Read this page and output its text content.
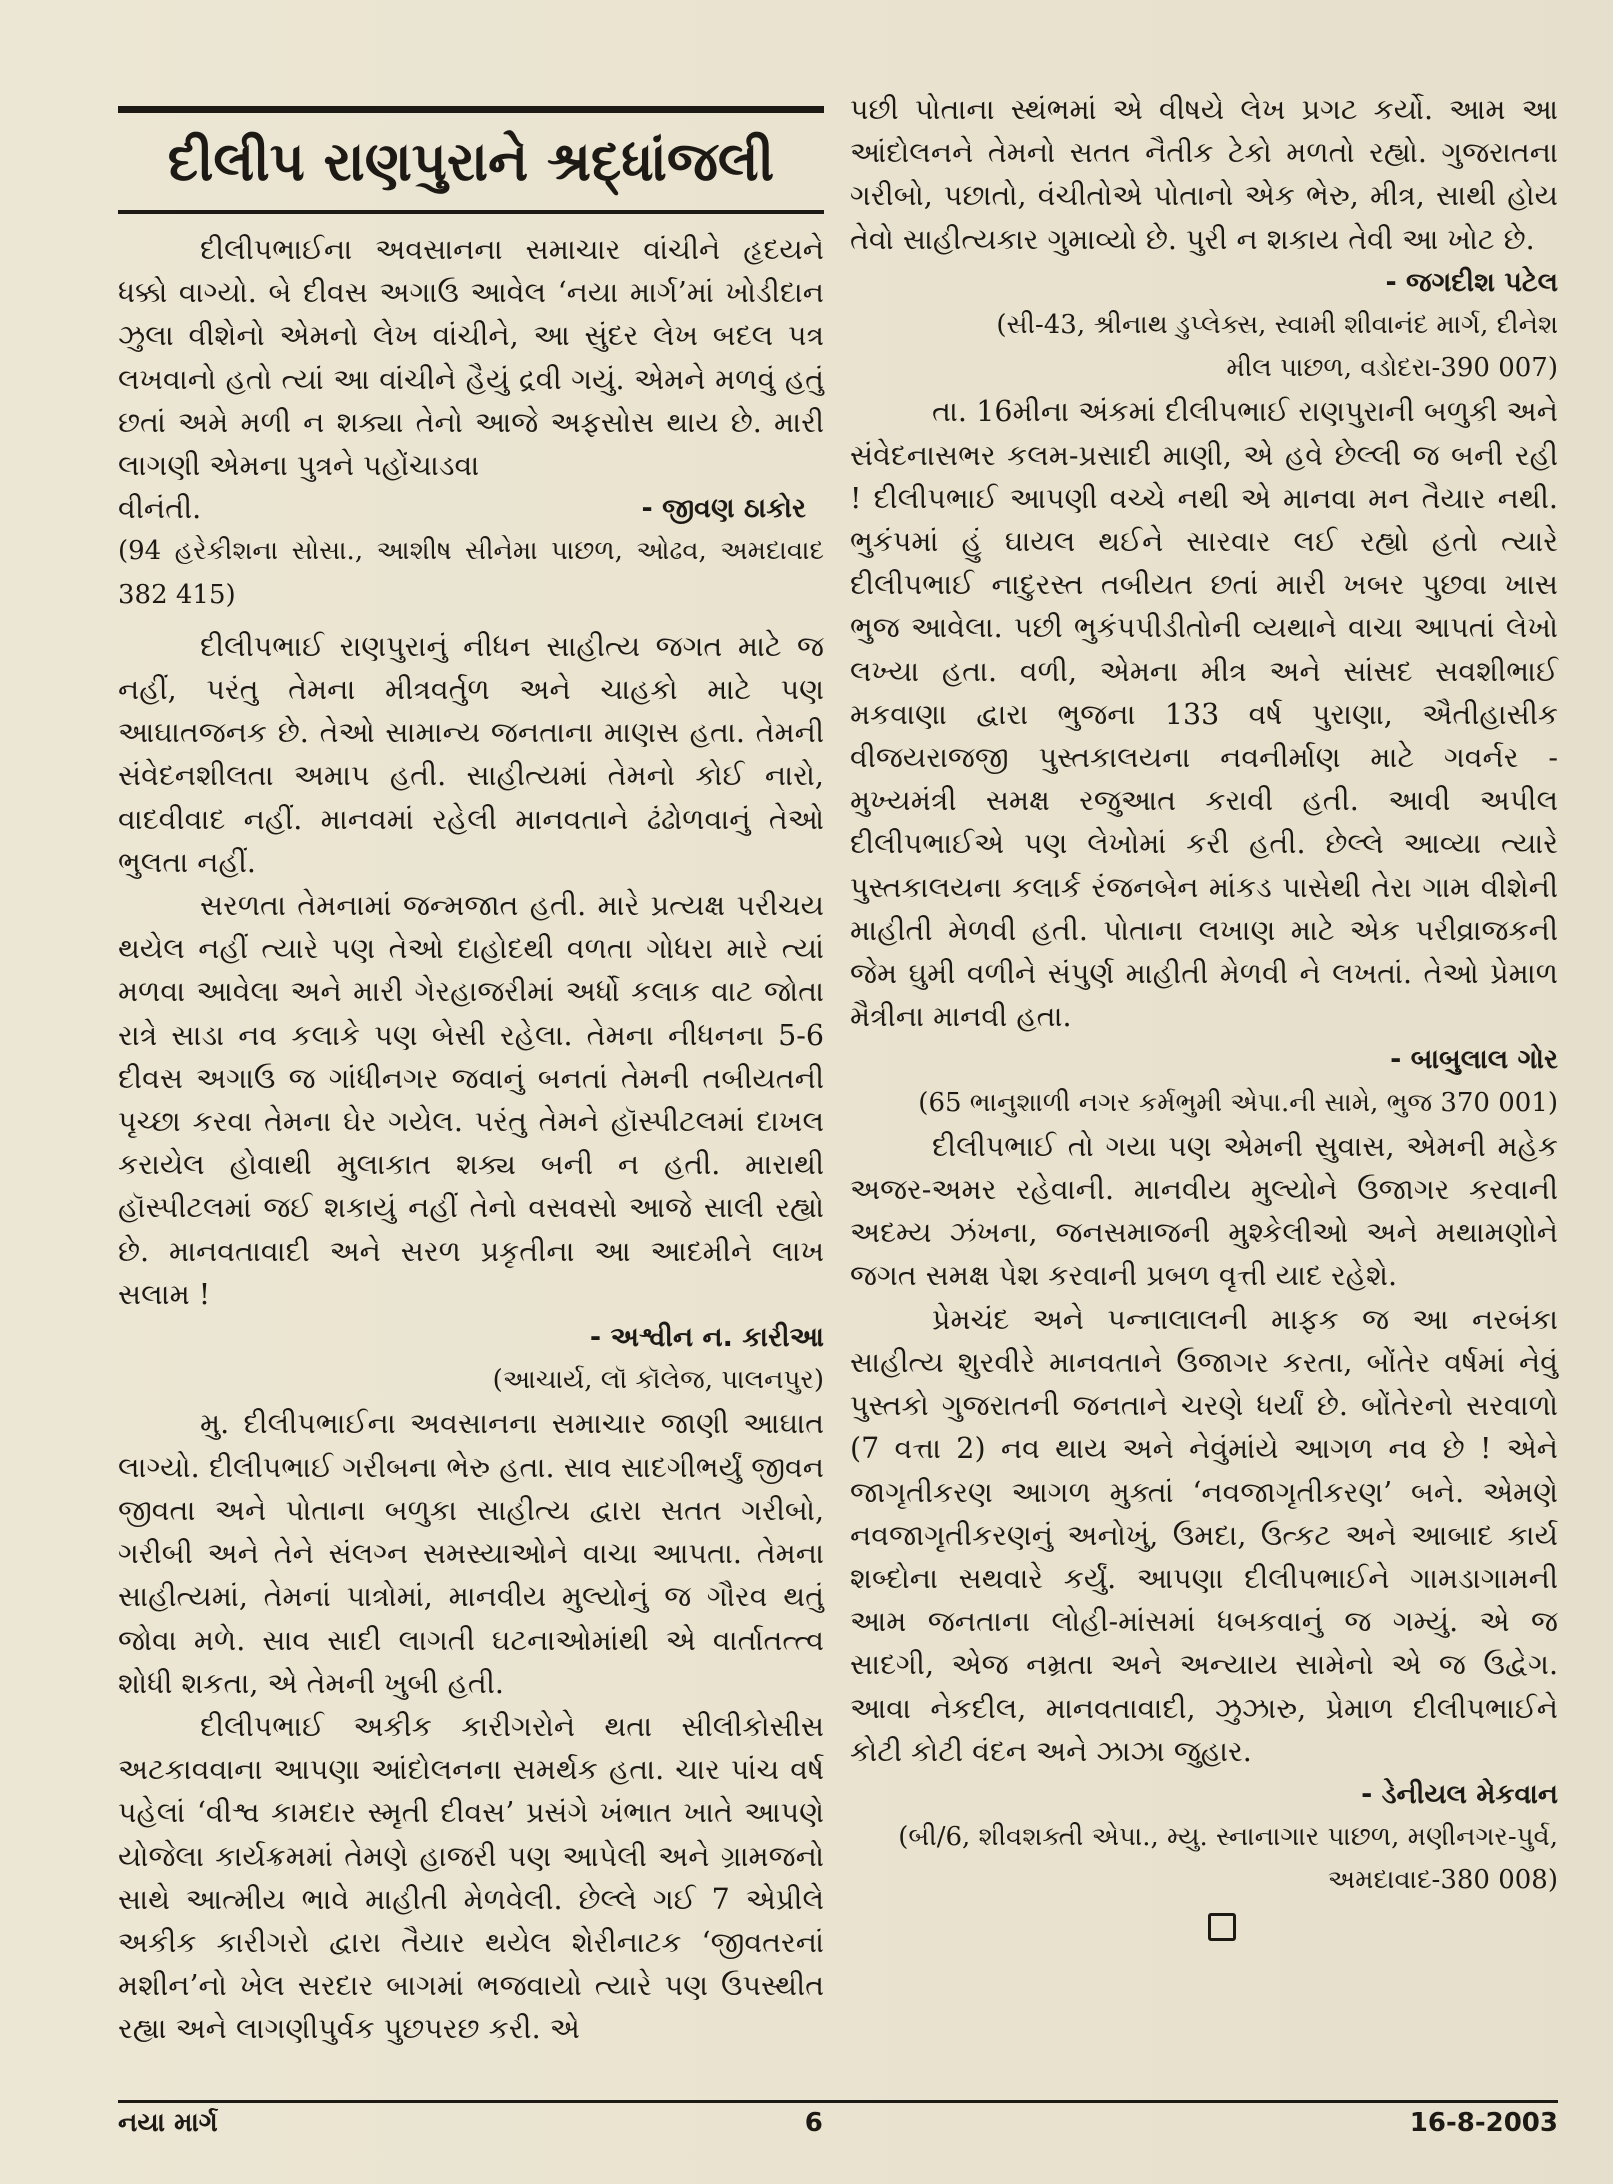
દીલીપ રાણપુરાને શ્રદ્ધાંજલી

દીલીપભાઈના અવસાનના સમાચાર વાંચીને હૃદયને ધક્કો વાગ્યો. બે દીવસ અગાઉ આવેલ ‘નયા માર્ગ’માં ખોડીદાન ઝુલા વીશેનો એમનો લેખ વાંચીને, આ સુંદર લેખ બદલ પત્ર લખવાનો હતો ત્યાં આ વાંચીને હૈયું દ્રવી ગયું. એમને મળવું હતું છતાં અમે મળી ન શક્યા તેનો આજે અફસોસ થાય છે. મારી લાગણી એમના પુત્રને પહોંચાડવા

વીનંતી.	- જીવણ ઠાકોર

(94 હરેકીશના સોસા., આશીષ સીનેમા પાછળ, ઓઢવ, અમદાવાદ 382 415)

દીલીપભાઈ રાણપુરાનું નીધન સાહીત્ય જગત માટે જ નહીં, પરંતુ તેમના મીત્રવર્તુળ અને ચાહકો માટે પણ આઘાતજનક છે. તેઓ સામાન્ય જનતાના માણસ હતા. તેમની સંવેદનશીલતા અમાપ હતી. સાહીત્યમાં તેમનો કોઈ નારો, વાદવીવાદ નહીં. માનવમાં રહેલી માનવતાને ઢંઢોળવાનું તેઓ ભુલતા નહીં.

સરળતા તેમનામાં જન્મજાત હતી. મારે પ્રત્યક્ષ પરીચય થયેલ નહીં ત્યારે પણ તેઓ દાહોદથી વળતા ગોધરા મારે ત્યાં મળવા આવેલા અને મારી ગેરહાજરીમાં અર્ધો કલાક વાટ જોતા રાત્રે સાડા નવ કલાકે પણ બેસી રહેલા. તેમના નીધનના 5-6 દીવસ અગાઉ જ ગાંધીનગર જવાનું બનતાં તેમની તબીયતની પૃચ્છા કરવા તેમના ઘેર ગયેલ. પરંતુ તેમને હૉસ્પીટલમાં દાખલ કરાયેલ હોવાથી મુલાકાત શક્ય બની ન હતી. મારાથી હૉસ્પીટલમાં જઈ શકાયું નહીં તેનો વસવસો આજે સાલી રહ્યો છે. માનવતાવાદી અને સરળ પ્રકૃતીના આ આદમીને લાખ સલામ !

- અશ્વીન ન. કારીઆ

(આચાર્ય, લૉ કૉલેજ, પાલનપુર)

મુ. દીલીપભાઈના અવસાનના સમાચાર જાણી આઘાત લાગ્યો. દીલીપભાઈ ગરીબના ભેરુ હતા. સાવ સાદગીભર્યું જીવન જીવતા અને પોતાના બળુકા સાહીત્ય દ્વારા સતત ગરીબો, ગરીબી અને તેને સંલગ્ન સમસ્યાઓને વાચા આપતા. તેમના સાહીત્યમાં, તેમનાં પાત્રોમાં, માનવીય મુલ્યોનું જ ગૌરવ થતું જોવા મળે. સાવ સાદી લાગતી ઘટનાઓમાંથી એ વાર્તાતત્ત્વ શોધી શકતા, એ તેમની ખુબી હતી.

દીલીપભાઈ અકીક કારીગરોને થતા સીલીકોસીસ અટકાવવાના આપણા આંદોલનના સમર્થક હતા. ચાર પાંચ વર્ષ પહેલાં ‘વીશ્વ કામદાર સ્મૃતી દીવસ’ પ્રસંગે ખંભાત ખાતે આપણે યોજેલા કાર્યક્રમમાં તેમણે હાજરી પણ આપેલી અને ગ્રામજનો સાથે આત્મીય ભાવે માહીતી મેળવેલી. છેલ્લે ગઈ 7 એપ્રીલે અકીક કારીગરો દ્વારા તૈયાર થયેલ શેરીનાટક ‘જીવતરનાં મશીન’નો ખેલ સરદાર બાગમાં ભજવાયો ત્યારે પણ ઉપસ્થીત રહ્યા અને લાગણીપુર્વક પુછપરછ કરી. એ

પછી પોતાના સ્થંભમાં એ વીષયે લેખ પ્રગટ કર્યો. આમ આ આંદોલનને તેમનો સતત નૈતીક ટેકો મળતો રહ્યો. ગુજરાતના ગરીબો, પછાતો, વંચીતોએ પોતાનો એક ભેરુ, મીત્ર, સાથી હોય તેવો સાહીત્યકાર ગુમાવ્યો છે. પુરી ન શકાય તેવી આ ખોટ છે.

- જગદીશ પટેલ

(સી-43, શ્રીનાથ ડુપ્લેક્સ, સ્વામી શીવાનંદ માર્ગ, દીનેશ

મીલ પાછળ, વડોદરા-390 007)

તા. 16મીના અંકમાં દીલીપભાઈ રાણપુરાની બળુકી અને સંવેદનાસભર કલમ-પ્રસાદી માણી, એ હવે છેલ્લી જ બની રહી ! દીલીપભાઈ આપણી વચ્ચે નથી એ માનવા મન તૈયાર નથી. ભુકંપમાં હું ઘાયલ થઈને સારવાર લઈ રહ્યો હતો ત્યારે દીલીપભાઈ નાદુરસ્ત તબીયત છતાં મારી ખબર પુછવા ખાસ ભુજ આવેલા. પછી ભુકંપપીડીતોની વ્યથાને વાચા આપતાં લેખો લખ્યા હતા. વળી, એમના મીત્ર અને સાંસદ સવશીભાઈ મકવાણા દ્વારા ભુજના 133 વર્ષ પુરાણા, ઐતીહાસીક વીજયરાજજી પુસ્તકાલયના નવનીર્માણ માટે ગવર્નર - મુખ્યમંત્રી સમક્ષ રજુઆત કરાવી હતી. આવી અપીલ દીલીપભાઈએ પણ લેખોમાં કરી હતી. છેલ્લે આવ્યા ત્યારે પુસ્તકાલયના કલાર્ક રંજનબેન માંકડ પાસેથી તેરા ગામ વીશેની માહીતી મેળવી હતી. પોતાના લખાણ માટે એક પરીવ્રાજકની જેમ ઘુમી વળીને સંપુર્ણ માહીતી મેળવી ને લખતાં. તેઓ પ્રેમાળ મૈત્રીના માનવી હતા.

- બાબુલાલ ગોર

(65 ભાનુશાળી નગર કર્મભુમી એપા.ની સામે, ભુજ 370 001)

દીલીપભાઈ તો ગયા પણ એમની સુવાસ, એમની મહેક અજર-અમર રહેવાની. માનવીય મુલ્યોને ઉજાગર કરવાની અદમ્ય ઝંખના, જનસમાજની મુશ્કેલીઓ અને મથામણોને જગત સમક્ષ પેશ કરવાની પ્રબળ વૃત્તી યાદ રહેશે.

પ્રેમચંદ અને પન્નાલાલની માફક જ આ નરબંકા સાહીત્ય શુરવીરે માનવતાને ઉજાગર કરતા, બોંતેર વર્ષમાં નેવું પુસ્તકો ગુજરાતની જનતાને ચરણે ધર્યાં છે. બોંતેરનો સરવાળો (7 વત્તા 2) નવ થાય અને નેવુંમાંયે આગળ નવ છે ! એને જાગૃતીકરણ આગળ મુક્તાં ‘નવજાગૃતીકરણ’ બને. એમણે નવજાગૃતીકરણનું અનોખું, ઉમદા, ઉત્કટ અને આબાદ કાર્ય શબ્દોના સથવારે કર્યું. આપણા દીલીપભાઈને ગામડાગામની આમ જનતાના લોહી-માંસમાં ધબકવાનું જ ગમ્યું. એ જ સાદગી, એજ નમ્રતા અને અન્યાય સામેનો એ જ ઉદ્વેગ. આવા નેકદીલ, માનવતાવાદી, ઝુઝારુ, પ્રેમાળ દીલીપભાઈને કોટી કોટી વંદન અને ઝાઝા જુહાર.

- ડેનીયલ મેકવાન

(બી/6, શીવશક્તી એપા., મ્યુ. સ્નાનાગાર પાછળ, મણીનગર-પુર્વ,

અમદાવાદ-380 008)

નયા માર્ગ	6	16-8-2003
